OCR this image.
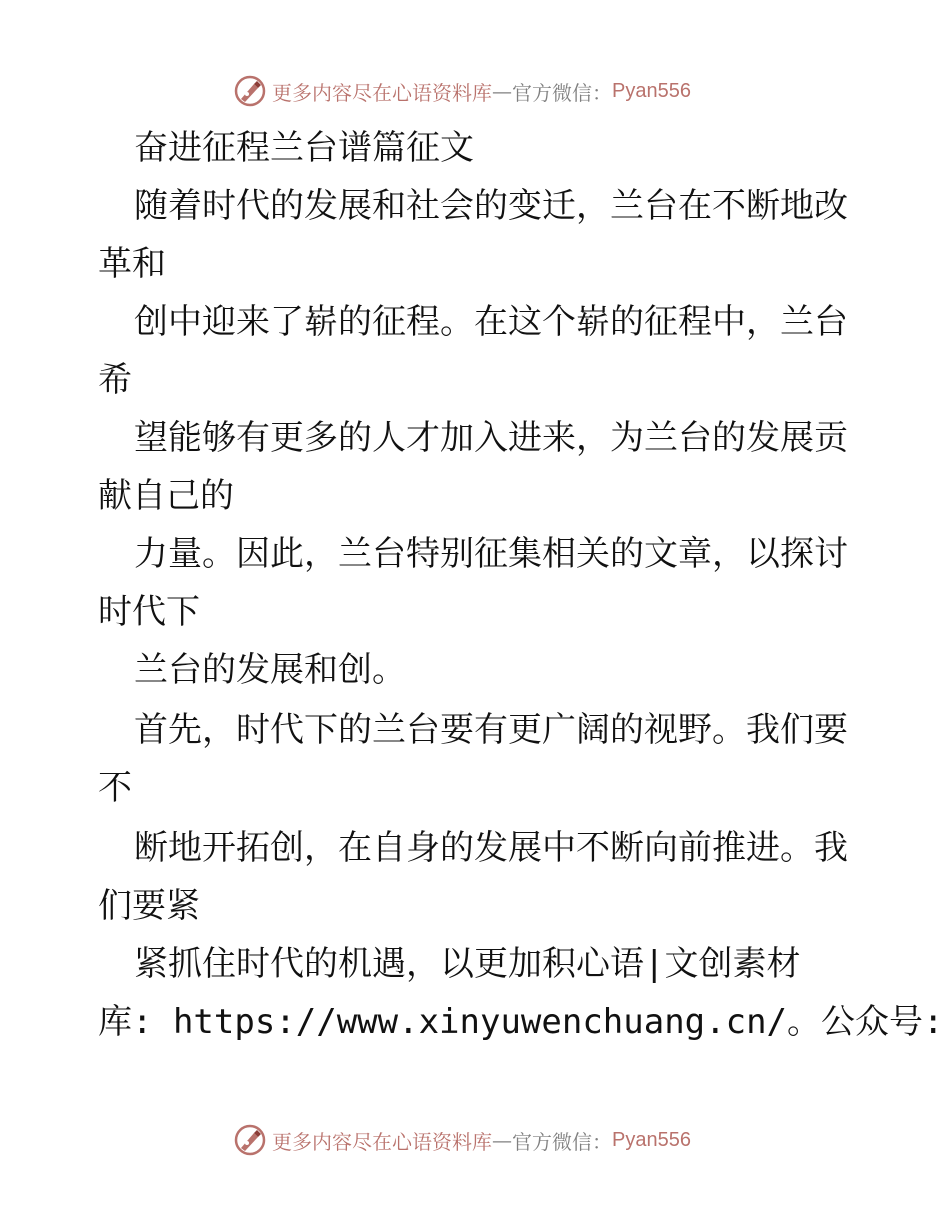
更多内容尽在心语资料库 — 官方微信： Pyan556
奋进征程兰台谱篇征文
随着时代的发展和社会的变迁，兰台在不断地改
革和
创中迎来了崭的征程。在这个崭的征程中，兰台
希
望能够有更多的人才加入进来，为兰台的发展贡
献自己的
力量。因此，兰台特别征集相关的文章，以探讨
时代下
兰台的发展和创。
首先，时代下的兰台要有更广阔的视野。我们要
不
断地开拓创，在自身的发展中不断向前推进。我
们要紧
紧抓住时代的机遇，以更加积心语|文创素材
库: https://www.xinyuwenchuang.cn/。公众号:
更多内容尽在心语资料库 — 官方微信： Pyan556
